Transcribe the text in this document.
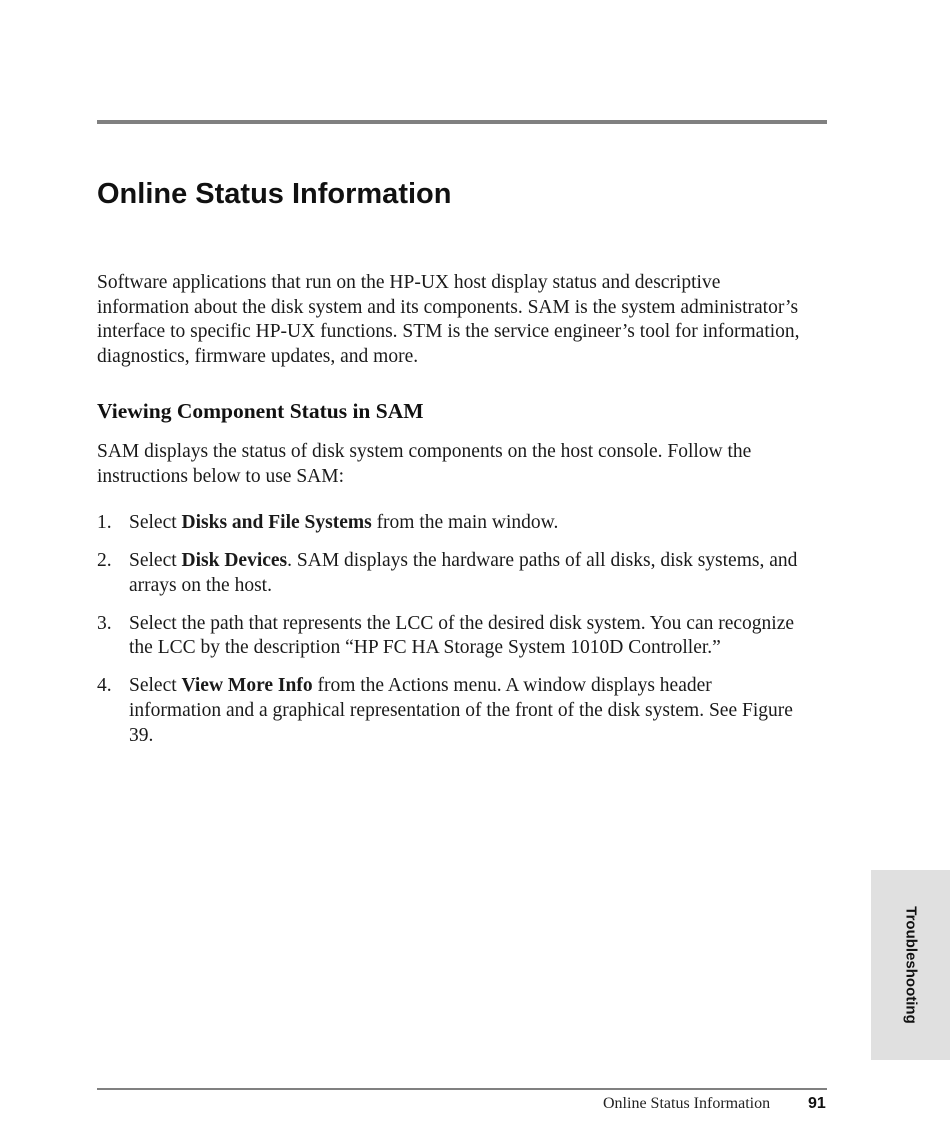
Online Status Information

Software applications that run on the HP-UX host display status and descriptive information about the disk system and its components. SAM is the system administrator’s interface to specific HP-UX functions. STM is the service engineer’s tool for information, diagnostics, firmware updates, and more.

Viewing Component Status in SAM

SAM displays the status of disk system components on the host console. Follow the instructions below to use SAM:

1. Select Disks and File Systems from the main window.
2. Select Disk Devices. SAM displays the hardware paths of all disks, disk systems, and arrays on the host.
3. Select the path that represents the LCC of the desired disk system. You can recognize the LCC by the description “HP FC HA Storage System 1010D Controller.”
4. Select View More Info from the Actions menu. A window displays header information and a graphical representation of the front of the disk system. See Figure 39.
Troubleshooting
Online Status Information 91
